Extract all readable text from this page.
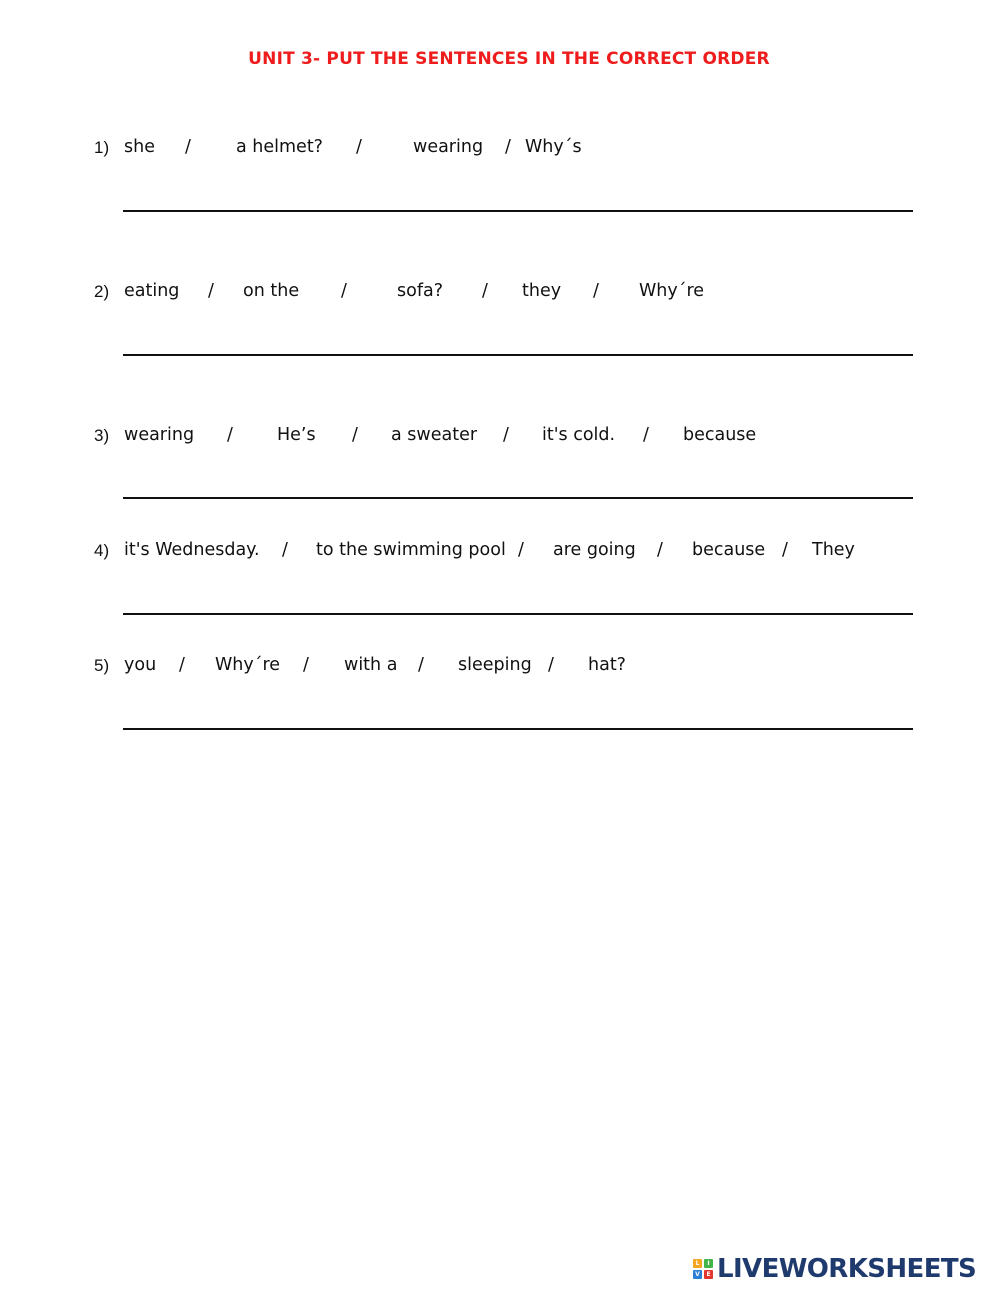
UNIT 3- PUT THE SENTENCES IN THE CORRECT ORDER
1) she /	a helmet? /	wearing / Why´s
2) eating / on the /	sofa? / they / Why´re
3) wearing /	He’s / a sweater / it's cold. / because
4) it's Wednesday. / to the swimming pool / are going / because / They
5) you / Why´re / with a / sleeping / hat?
L	I
V	E LIVEWORKSHEETS
